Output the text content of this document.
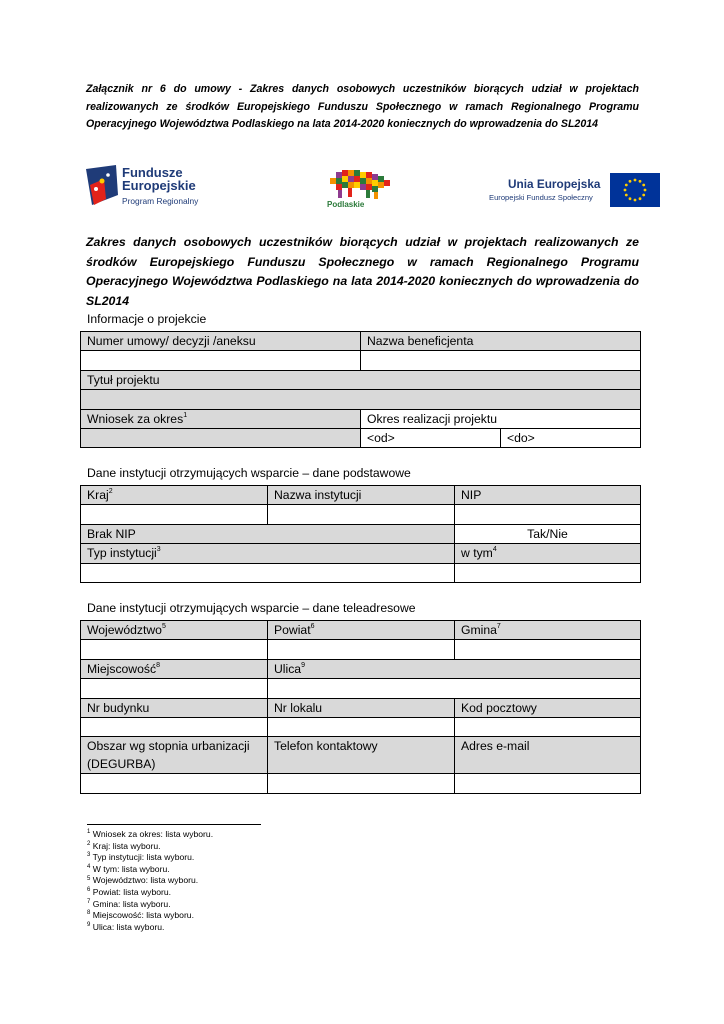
Załącznik nr 6 do umowy - Zakres danych osobowych uczestników biorących udział w projektach realizowanych ze środków Europejskiego Funduszu Społecznego w ramach Regionalnego Programu Operacyjnego Województwa Podlaskiego na lata 2014-2020 koniecznych do wprowadzenia do SL2014
Fundusze
Europejskie
Program Regionalny	Podlaskie
Unia Europejska
Europejski Fundusz Społeczny
Zakres danych osobowych uczestników biorących udział w projektach realizowanych ze środków Europejskiego Funduszu Społecznego w ramach Regionalnego Programu Operacyjnego Województwa Podlaskiego na lata 2014-2020 koniecznych do wprowadzenia do SL2014
Informacje o projekcie
Numer umowy/ decyzji /aneksu	Nazwa beneficjenta	

Tytuł projektu		

Wniosek za okres$^1$	Okres realizacji projektu	
	<od>	<do>
Dane instytucji otrzymujących wsparcie – dane podstawowe
Kraj$^2$	Nazwa instytucji	NIP

Brak NIP		Tak/Nie
Typ instytucji$^3$		w tym$^4$

Dane instytucji otrzymujących wsparcie – dane teleadresowe
Województwo$^5$	Powiat$^6$	Gmina$^7$

Miejscowość$^8$	Ulica$^9$

Nr budynku	Nr lokalu	Kod pocztowy

Obszar wg stopnia urbanizacji (DEGURBA)	Telefon kontaktowy	Adres e-mail

$^1$ Wniosek za okres: lista wyboru.
$^2$ Kraj: lista wyboru.
$^3$ Typ instytucji: lista wyboru.
$^4$ W tym: lista wyboru.
$^5$ Województwo: lista wyboru.
$^6$ Powiat: lista wyboru.
$^7$ Gmina: lista wyboru.
$^8$ Miejscowość: lista wyboru.
$^9$ Ulica: lista wyboru.
